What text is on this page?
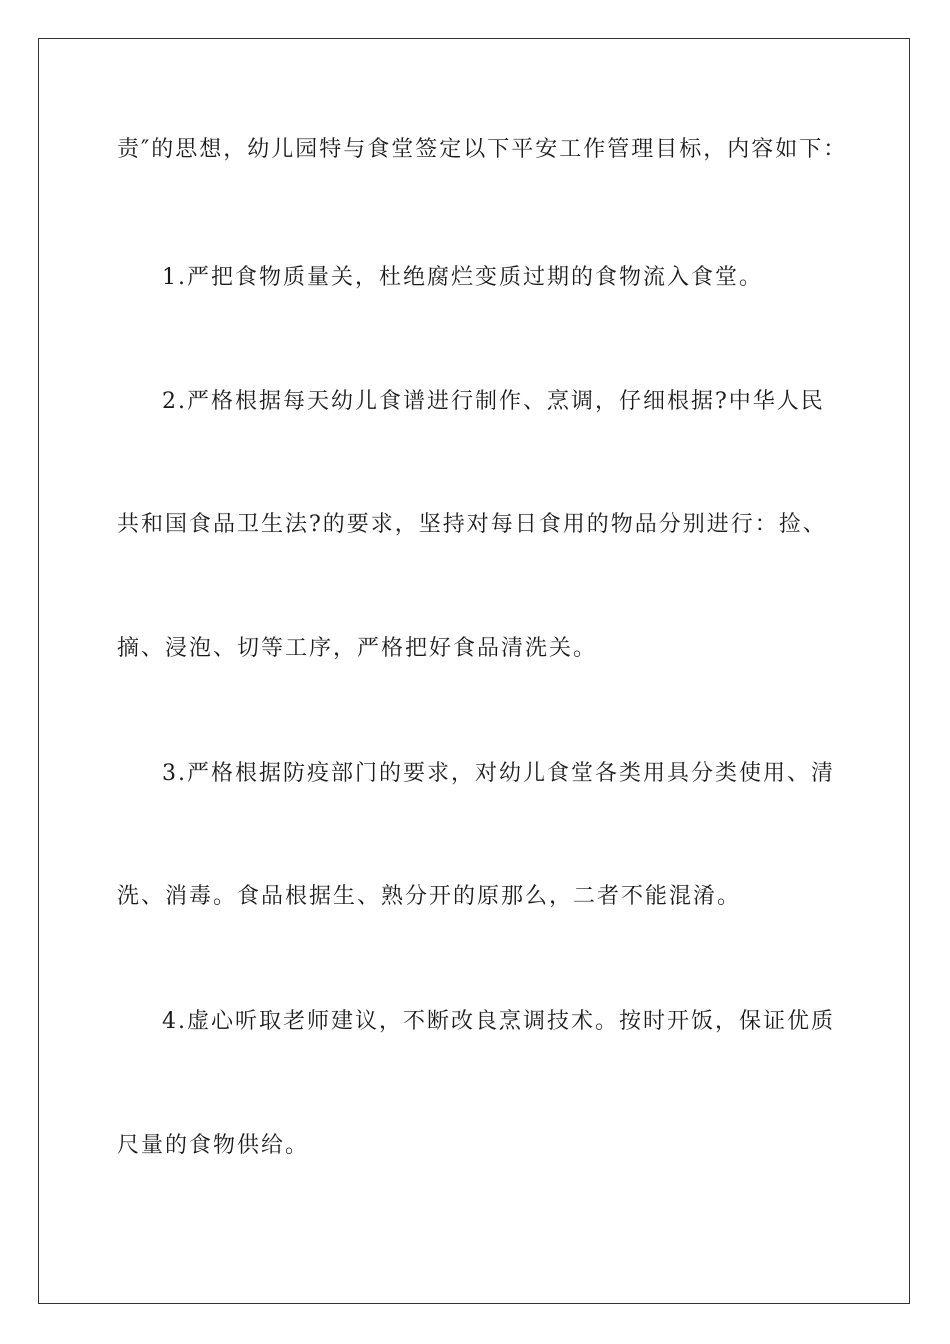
责″的思想，幼儿园特与食堂签定以下平安工作管理目标，内容如下：
1.严把食物质量关，杜绝腐烂变质过期的食物流入食堂。
2.严格根据每天幼儿食谱进行制作、烹调，仔细根据?中华人民
共和国食品卫生法?的要求，坚持对每日食用的物品分别进行：捡、
摘、浸泡、切等工序，严格把好食品清洗关。
3.严格根据防疫部门的要求，对幼儿食堂各类用具分类使用、清
洗、消毒。食品根据生、熟分开的原那么，二者不能混淆。
4.虚心听取老师建议，不断改良烹调技术。按时开饭，保证优质
尺量的食物供给。
